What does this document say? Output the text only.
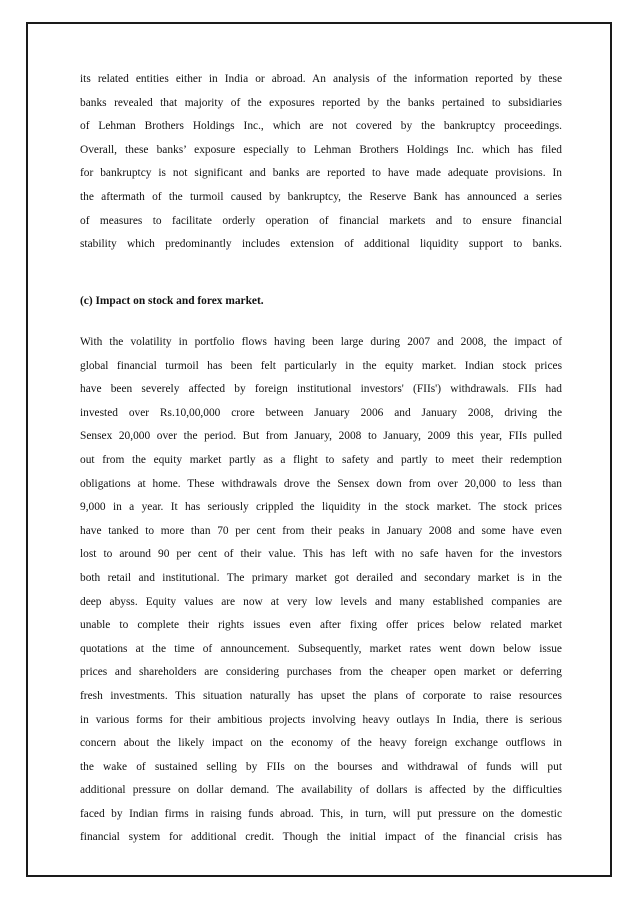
its related entities either in India or abroad. An analysis of the information reported by these
banks revealed that majority of the exposures reported by the banks pertained to subsidiaries
of Lehman Brothers Holdings Inc., which are not covered by the bankruptcy proceedings.
Overall, these banks’ exposure especially to Lehman Brothers Holdings Inc. which has filed
for bankruptcy is not significant and banks are reported to have made adequate provisions. In
the aftermath of the turmoil caused by bankruptcy, the Reserve Bank has announced a series
of measures to facilitate orderly operation of financial markets and to ensure financial
stability which predominantly includes extension of additional liquidity support to banks.
(c) Impact on stock and forex market.
With the volatility in portfolio flows having been large during 2007 and 2008, the impact of
global financial turmoil has been felt particularly in the equity market. Indian stock prices
have been severely affected by foreign institutional investors' (FIIs') withdrawals. FIIs had
invested over Rs.10,00,000 crore between January 2006 and January 2008, driving the
Sensex 20,000 over the period. But from January, 2008 to January, 2009 this year, FIIs pulled
out from the equity market partly as a flight to safety and partly to meet their redemption
obligations at home. These withdrawals drove the Sensex down from over 20,000 to less than
9,000 in a year. It has seriously crippled the liquidity in the stock market. The stock prices
have tanked to more than 70 per cent from their peaks in January 2008 and some have even
lost to around 90 per cent of their value. This has left with no safe haven for the investors
both retail and institutional. The primary market got derailed and secondary market is in the
deep abyss. Equity values are now at very low levels and many established companies are
unable to complete their rights issues even after fixing offer prices below related market
quotations at the time of announcement. Subsequently, market rates went down below issue
prices and shareholders are considering purchases from the cheaper open market or deferring
fresh investments. This situation naturally has upset the plans of corporate to raise resources
in various forms for their ambitious projects involving heavy outlays In India, there is serious
concern about the likely impact on the economy of the heavy foreign exchange outflows in
the wake of sustained selling by FIIs on the bourses and withdrawal of funds will put
additional pressure on dollar demand. The availability of dollars is affected by the difficulties
faced by Indian firms in raising funds abroad. This, in turn, will put pressure on the domestic
financial system for additional credit. Though the initial impact of the financial crisis has
